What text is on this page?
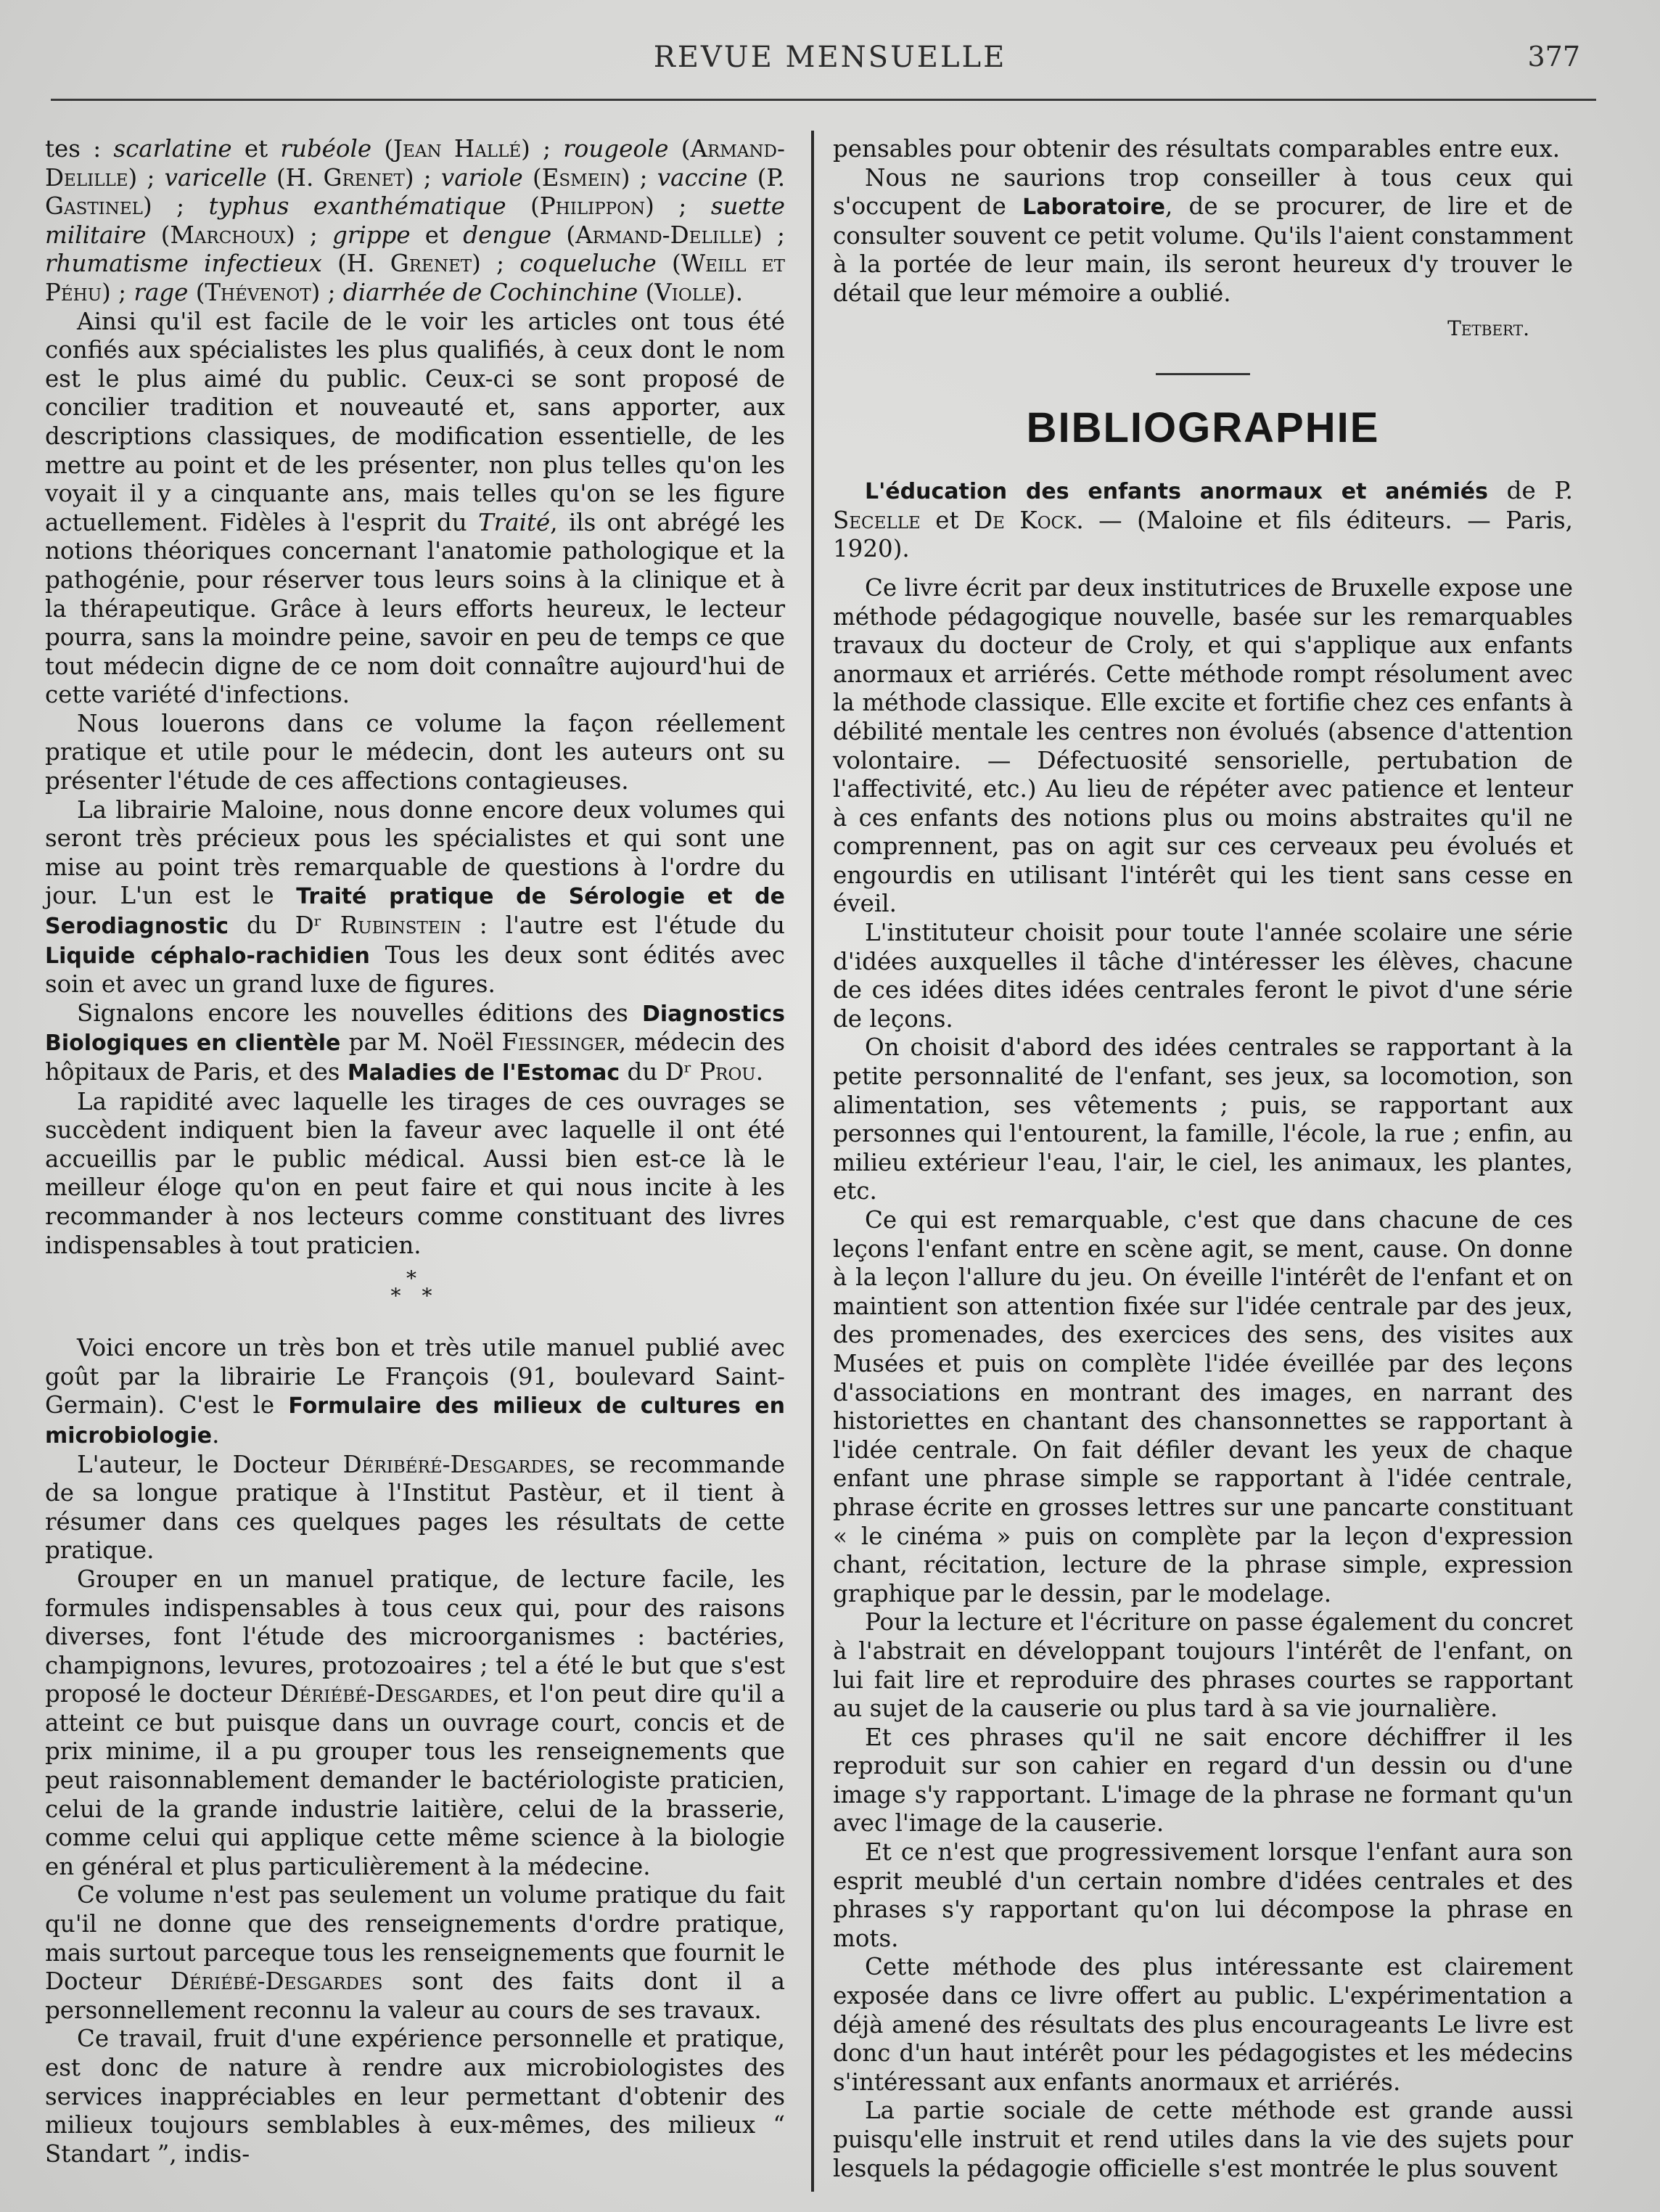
REVUE MENSUELLE	377

tes : scarlatine et rubéole (Jean Hallé) ; rougeole (Armand-Delille) ; varicelle (H. Grenet) ; variole (Esmein) ; vaccine (P. Gastinel) ; typhus exanthématique (Philippon) ; suette militaire (Marchoux) ; grippe et dengue (Armand-Delille) ; rhumatisme infectieux (H. Grenet) ; coqueluche (Weill et Péhu) ; rage (Thévenot) ; diarrhée de Cochinchine (Violle).

Ainsi qu'il est facile de le voir les articles ont tous été confiés aux spécialistes les plus qualifiés, à ceux dont le nom est le plus aimé du public. Ceux-ci se sont proposé de concilier tradition et nouveauté et, sans apporter, aux descriptions classiques, de modification essentielle, de les mettre au point et de les présenter, non plus telles qu'on les voyait il y a cinquante ans, mais telles qu'on se les figure actuellement. Fidèles à l'esprit du Traité, ils ont abrégé les notions théoriques concernant l'anatomie pathologique et la pathogénie, pour réserver tous leurs soins à la clinique et à la thérapeutique. Grâce à leurs efforts heureux, le lecteur pourra, sans la moindre peine, savoir en peu de temps ce que tout médecin digne de ce nom doit connaître aujourd'hui de cette variété d'infections.

Nous louerons dans ce volume la façon réellement pratique et utile pour le médecin, dont les auteurs ont su présenter l'étude de ces affections contagieuses.

La librairie Maloine, nous donne encore deux volumes qui seront très précieux pous les spécialistes et qui sont une mise au point très remarquable de questions à l'ordre du jour. L'un est le Traité pratique de Sérologie et de Serodiagnostic du Dʳ Rubinstein : l'autre est l'étude du Liquide céphalo-rachidien Tous les deux sont édités avec soin et avec un grand luxe de figures.

Signalons encore les nouvelles éditions des Diagnostics Biologiques en clientèle par M. Noël Fiessinger, médecin des hôpitaux de Paris, et des Maladies de l'Estomac du Dʳ Prou.

La rapidité avec laquelle les tirages de ces ouvrages se succèdent indiquent bien la faveur avec laquelle il ont été accueillis par le public médical. Aussi bien est-ce là le meilleur éloge qu'on en peut faire et qui nous incite à les recommander à nos lecteurs comme constituant des livres indispensables à tout praticien.

*
* *

Voici encore un très bon et très utile manuel publié avec goût par la librairie Le François (91, boulevard Saint-Germain). C'est le Formulaire des milieux de cultures en microbiologie.

L'auteur, le Docteur Déribéré-Desgardes, se recommande de sa longue pratique à l'Institut Pastèur, et il tient à résumer dans ces quelques pages les résultats de cette pratique.

Grouper en un manuel pratique, de lecture facile, les formules indispensables à tous ceux qui, pour des raisons diverses, font l'étude des microorganismes : bactéries, champignons, levures, protozoaires ; tel a été le but que s'est proposé le docteur Dériébé-Desgardes, et l'on peut dire qu'il a atteint ce but puisque dans un ouvrage court, concis et de prix minime, il a pu grouper tous les renseignements que peut raisonnablement demander le bactériologiste praticien, celui de la grande industrie laitière, celui de la brasserie, comme celui qui applique cette même science à la biologie en général et plus particulièrement à la médecine.

Ce volume n'est pas seulement un volume pratique du fait qu'il ne donne que des renseignements d'ordre pratique, mais surtout parceque tous les renseignements que fournit le Docteur Dériébé-Desgardes sont des faits dont il a personnellement reconnu la valeur au cours de ses travaux.

Ce travail, fruit d'une expérience personnelle et pratique, est donc de nature à rendre aux microbiologistes des services inappréciables en leur permettant d'obtenir des milieux toujours semblables à eux-mêmes, des milieux “ Standart ”, indis-

pensables pour obtenir des résultats comparables entre eux.

Nous ne saurions trop conseiller à tous ceux qui s'occupent de Laboratoire, de se procurer, de lire et de consulter souvent ce petit volume. Qu'ils l'aient constamment à la portée de leur main, ils seront heureux d'y trouver le détail que leur mémoire a oublié.

Tetbert.
BIBLIOGRAPHIE

L'éducation des enfants anormaux et anémiés de P. Secelle et De Kock. — (Maloine et fils éditeurs. — Paris, 1920).

Ce livre écrit par deux institutrices de Bruxelle expose une méthode pédagogique nouvelle, basée sur les remarquables travaux du docteur de Croly, et qui s'applique aux enfants anormaux et arriérés. Cette méthode rompt résolument avec la méthode classique. Elle excite et fortifie chez ces enfants à débilité mentale les centres non évolués (absence d'attention volontaire. — Défectuosité sensorielle, pertubation de l'affectivité, etc.) Au lieu de répéter avec patience et lenteur à ces enfants des notions plus ou moins abstraites qu'il ne comprennent, pas on agit sur ces cerveaux peu évolués et engourdis en utilisant l'intérêt qui les tient sans cesse en éveil.

L'instituteur choisit pour toute l'année scolaire une série d'idées auxquelles il tâche d'intéresser les élèves, chacune de ces idées dites idées centrales feront le pivot d'une série de leçons.

On choisit d'abord des idées centrales se rapportant à la petite personnalité de l'enfant, ses jeux, sa locomotion, son alimentation, ses vêtements ; puis, se rapportant aux personnes qui l'entourent, la famille, l'école, la rue ; enfin, au milieu extérieur l'eau, l'air, le ciel, les animaux, les plantes, etc.

Ce qui est remarquable, c'est que dans chacune de ces leçons l'enfant entre en scène agit, se ment, cause. On donne à la leçon l'allure du jeu. On éveille l'intérêt de l'enfant et on maintient son attention fixée sur l'idée centrale par des jeux, des promenades, des exercices des sens, des visites aux Musées et puis on complète l'idée éveillée par des leçons d'associations en montrant des images, en narrant des historiettes en chantant des chansonnettes se rapportant à l'idée centrale. On fait défiler devant les yeux de chaque enfant une phrase simple se rapportant à l'idée centrale, phrase écrite en grosses lettres sur une pancarte constituant « le cinéma » puis on complète par la leçon d'expression chant, récitation, lecture de la phrase simple, expression graphique par le dessin, par le modelage.

Pour la lecture et l'écriture on passe également du concret à l'abstrait en développant toujours l'intérêt de l'enfant, on lui fait lire et reproduire des phrases courtes se rapportant au sujet de la causerie ou plus tard à sa vie journalière.

Et ces phrases qu'il ne sait encore déchiffrer il les reproduit sur son cahier en regard d'un dessin ou d'une image s'y rapportant. L'image de la phrase ne formant qu'un avec l'image de la causerie.

Et ce n'est que progressivement lorsque l'enfant aura son esprit meublé d'un certain nombre d'idées centrales et des phrases s'y rapportant qu'on lui décompose la phrase en mots.

Cette méthode des plus intéressante est clairement exposée dans ce livre offert au public. L'expérimentation a déjà amené des résultats des plus encourageants Le livre est donc d'un haut intérêt pour les pédagogistes et les médecins s'intéressant aux enfants anormaux et arriérés.

La partie sociale de cette méthode est grande aussi puisqu'elle instruit et rend utiles dans la vie des sujets pour lesquels la pédagogie officielle s'est montrée le plus souvent
